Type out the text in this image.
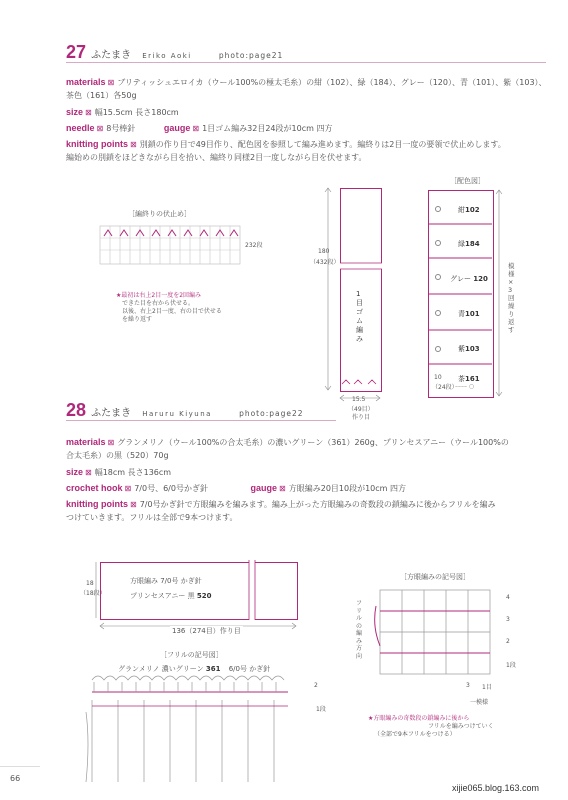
27 ふたまき Eriko Aoki	photo:page21
materials ⊠ ブリティッシュエロイカ（ウール100%の極太毛糸）の紺（102）、緑（184）、グレー（120）、青（101）、紫（103）、
茶色（161）各50g
size ⊠ 幅15.5cm 長さ180cm
needle ⊠ 8号棒針	gauge ⊠ 1目ゴム編み32目24段が10cm 四方
knitting points ⊠ 別鎖の作り目で49目作り、配色図を参照して編み進めます。編終りは2目一度の要領で伏止めします。
編始めの別鎖をほどきながら目を拾い、編終り同様2目一度しながら目を伏せます。
［編終りの伏止め］
232段
★最初は右上2目一度を2回編み
できた目を右から伏せる。
以後、右上2目一度、右の目で伏せる
を繰り返す
180
（432段）
1目ゴム編み
15.5
（49目）
作り目
［配色図］
紺102
緑184
グレー 120
青101
紫103
茶161
–––– ○
10
（24段）
模様×3回繰り返す
28 ふたまき Haruru Kiyuna	photo:page22
materials ⊠ グランメリノ（ウール100%の合太毛糸）の濃いグリーン（361）260g、プリンセスアニー（ウール100%の
合太毛糸）の黒（520）70g
size ⊠ 幅18cm 長さ136cm
crochet hook ⊠ 7/0号、6/0号かぎ針	gauge ⊠ 方眼編み20目10段が10cm 四方
knitting points ⊠ 7/0号かぎ針で方眼編みを編みます。編み上がった方眼編みの奇数段の鎖編みに後からフリルを編み
つけていきます。フリルは全部で9本つけます。
方眼編み 7/0号 かぎ針
プリンセスアニー 黒 520
18
（18段）
136（274目）作り目
［フリルの記号図］
グランメリノ 濃いグリーン 361 6/0号 かぎ針
2
1段
［方眼編みの記号図］
4
3
2
1段
フリルの編み方向
3 1目
一模様
★方眼編みの奇数段の鎖編みに後から
フリルを編みつけていく
（全部で9本フリルをつける）
66
xijie065.blog.163.com
